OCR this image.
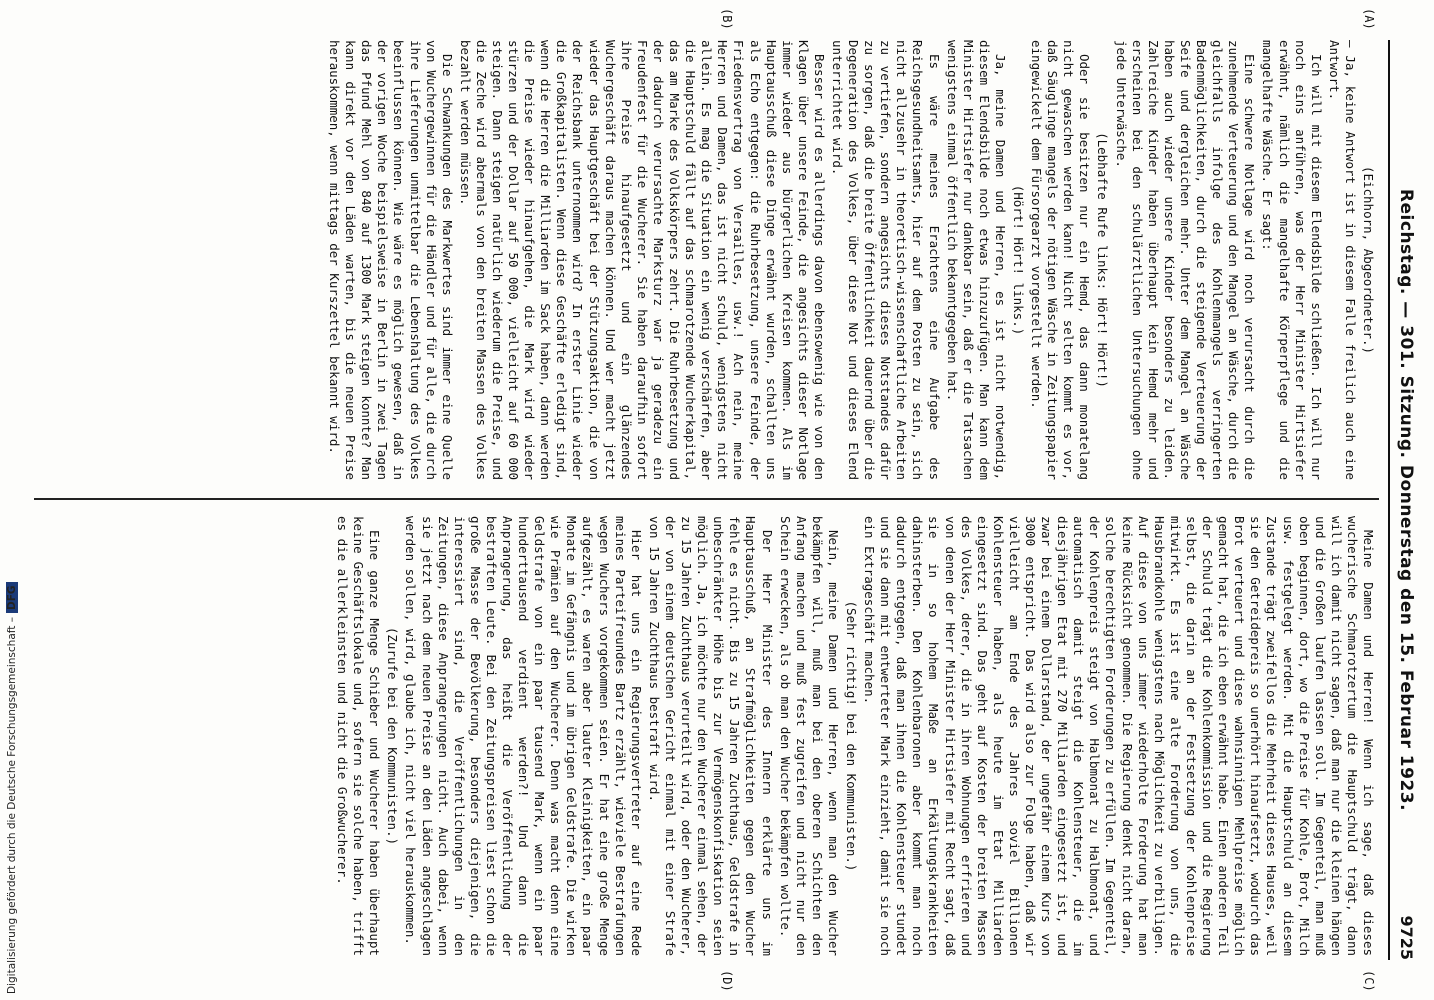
Reichstag. — 301. Sitzung. Donnerstag den 15. Februar 1923.
9725
(A)
(B)
(C)
(D)
(Eichhorn, Abgeordneter.)

— Ja, keine Antwort ist in diesem Falle freilich auch eine Antwort.

Ich will mit diesem Elendsbilde schließen. Ich will nur noch eins anführen, was der Herr Minister Hirtsiefer erwähnt, nämlich die mangelhafte Körperpflege und die mangelhafte Wäsche. Er sagt:

Eine schwere Notlage wird noch verursacht durch die zunehmende Verteuerung und den Mangel an Wäsche, durch die gleichfalls infolge des Kohlenmangels verringerten Badenmöglichkeiten, durch die steigende Verteuerung der Seife und dergleichen mehr. Unter dem Mangel an Wäsche haben auch wieder unsere Kinder besonders zu leiden. Zahlreiche Kinder haben überhaupt kein Hemd mehr und erscheinen bei den schulärztlichen Untersuchungen ohne jede Unterwäsche.

(Lebhafte Rufe links: Hört! Hört!)

Oder sie besitzen nur ein Hemd, das dann monatelang nicht gewaschen werden kann! Nicht selten kommt es vor, daß Säuglinge mangels der nötigen Wäsche in Zeitungspapier eingewickelt dem Fürsorgearzt vorgestellt werden.

(Hört! Hört! links.)

Ja, meine Damen und Herren, es ist nicht notwendig, diesem Elendsbilde noch etwas hinzuzufügen. Man kann dem Minister Hirtsiefer nur dankbar sein, daß er die Tatsachen wenigstens einmal öffentlich bekanntgegeben hat.

Es wäre meines Erachtens eine Aufgabe des Reichsgesundheitsamts, hier auf dem Posten zu sein, sich nicht allzusehr in theoretisch-wissenschaftliche Arbeiten zu vertiefen, sondern angesichts dieses Notstandes dafür zu sorgen, daß die breite Öffentlichkeit dauernd über die Degeneration des Volkes, über diese Not und dieses Elend unterrichtet wird.

Besser wird es allerdings davon ebensowenig wie von den Klagen über unsere Feinde, die angesichts dieser Notlage immer wieder aus bürgerlichen Kreisen kommen. Als im Hauptausschuß diese Dinge erwähnt wurden, schallten uns als Echo entgegen: die Ruhrbesetzung, unsere Feinde, der Friedensvertrag von Versailles, usw.! Ach nein, meine Herren und Damen, das ist nicht schuld, wenigstens nicht allein. Es mag die Situation ein wenig verschärfen, aber die Hauptschuld fällt auf das schmarotzende Wucherkapital, das am Marke des Volkskörpers zehrt. Die Ruhrbesetzung und der dadurch verursachte Marksturz war ja geradezu ein Freudenfest für die Wucherer. Sie haben daraufhin sofort ihre Preise hinaufgesetzt und ein glänzendes Wuchergeschäft daraus machen können. Und wer macht jetzt wieder das Hauptgeschäft bei der Stützungsaktion, die von der Reichsbank unternommen wird? In erster Linie wieder die Großkapitalisten. Wenn diese Geschäfte erledigt sind, wenn die Herren die Milliarden im Sack haben, dann werden die Preise wieder hinaufgehen, die Mark wird wieder stürzen und der Dollar auf 50 000, vielleicht auf 60 000 steigen. Dann steigen natürlich wiederum die Preise, und die Zeche wird abermals von den breiten Massen des Volkes bezahlt werden müssen.

Die Schwankungen des Markwertes sind immer eine Quelle von Wuchergewinnen für die Händler und für alle, die durch ihre Lieferungen unmittelbar die Lebenshaltung des Volkes beeinflussen können. Wie wäre es möglich gewesen, daß in der vorigen Woche beispielsweise in Berlin in zwei Tagen das Pfund Mehl von 840 auf 1300 Mark steigen konnte? Man kann direkt vor den Läden warten, bis die neuen Preise herauskommen, wenn mittags der Kurszettel bekannt wird.

Meine Damen und Herren! Wenn ich sage, daß dieses wucherische Schmarotzertum die Hauptschuld trägt, dann will ich damit nicht sagen, daß man nur die kleinen hängen und die Großen laufen lassen soll. Im Gegenteil, man muß oben beginnen, dort, wo die Preise für Kohle, Brot, Milch usw. festgelegt werden. Mit die Hauptschuld an diesem Zustande trägt zweifellos die Mehrheit dieses Hauses, weil sie den Getreidepreis so unerhört hinaufsetzt, wodurch das Brot verteuert und diese wahnsinnigen Mehlpreise möglich gemacht hat, die ich eben erwähnt habe. Einen anderen Teil der Schuld trägt die Kohlenkommission und die Regierung selbst, die darin an der Festsetzung der Kohlenpreise mitwirkt. Es ist eine alte Forderung von uns, die Hausbrandkohle wenigstens nach Möglichkeit zu verbilligen. Auf diese von uns immer wiederholte Forderung hat man keine Rücksicht genommen. Die Regierung denkt nicht daran, solche berechtigten Forderungen zu erfüllen. Im Gegenteil, der Kohlenpreis steigt von Halbmonat zu Halbmonat, und automatisch damit steigt die Kohlensteuer, die im diesjährigen Etat mit 270 Milliarden eingesetzt ist, und zwar bei einem Dollarstand, der ungefähr einem Kurs von 3000 entspricht. Das wird also zur Folge haben, daß wir vielleicht am Ende des Jahres soviel Billionen Kohlensteuer haben, als heute im Etat Milliarden eingesetzt sind. Das geht auf Kosten der breiten Massen des Volkes, derer, die in ihren Wohnungen erfrieren und von denen der Herr Minister Hirtsiefer mit Recht sagt, daß sie in so hohem Maße an Erkältungskrankheiten dahinsterben. Den Kohlenbaronen aber kommt man noch dadurch entgegen, daß man ihnen die Kohlensteuer stundet und sie dann mit entwerteter Mark einzieht, damit sie noch ein Extrageschäft machen.

(Sehr richtig! bei den Kommunisten.)

Nein, meine Damen und Herren, wenn man den Wucher bekämpfen will, muß man bei den oberen Schichten den Anfang machen und muß fest zugreifen und nicht nur den Schein erwecken, als ob man den Wucher bekämpfen wollte.

Der Herr Minister des Innern erklärte uns im Hauptausschuß, an Strafmöglichkeiten gegen den Wucher fehle es nicht. Bis zu 15 Jahren Zuchthaus, Geldstrafe in unbeschränkter Höhe bis zur Vermögenskonfiskation seien möglich. Ja, ich möchte nur den Wucherer einmal sehen, der zu 15 Jahren Zuchthaus verurteilt wird, oder den Wucherer, der von einem deutschen Gericht einmal mit einer Strafe von 15 Jahren Zuchthaus bestraft wird.

Hier hat uns ein Regierungsvertreter auf eine Rede meines Parteifreundes Bartz erzählt, wieviele Bestrafungen wegen Wuchers vorgekommen seien. Er hat eine große Menge aufgezählt, es waren aber lauter Kleinigkeiten, ein paar Monate im Gefängnis und im übrigen Geldstrafe. Die wirken wie Prämien auf den Wucherer. Denn was macht denn eine Geldstrafe von ein paar tausend Mark, wenn ein paar hunderttausend verdient werden?! Und dann die Anprangerung, das heißt die Veröffentlichung der bestraften Leute. Bei den Zeitungspreisen liest schon die große Masse der Bevölkerung, besonders diejenigen, die interessiert sind, die Veröffentlichungen in den Zeitungen, diese Anprangerungen nicht. Auch dabei, wenn sie jetzt nach dem neuen Preise an den Läden angeschlagen werden sollen, wird, glaube ich, nicht viel herauskommen.

(Zurufe bei den Kommunisten.)

Eine ganze Menge Schieber und Wucherer haben überhaupt keine Geschäftslokale und, sofern sie solche haben, trifft es die allerkleinsten und nicht die Großwucherer.

Digitalisierung gefördert durch die Deutsche Forschungsgemeinschaft –DFG
